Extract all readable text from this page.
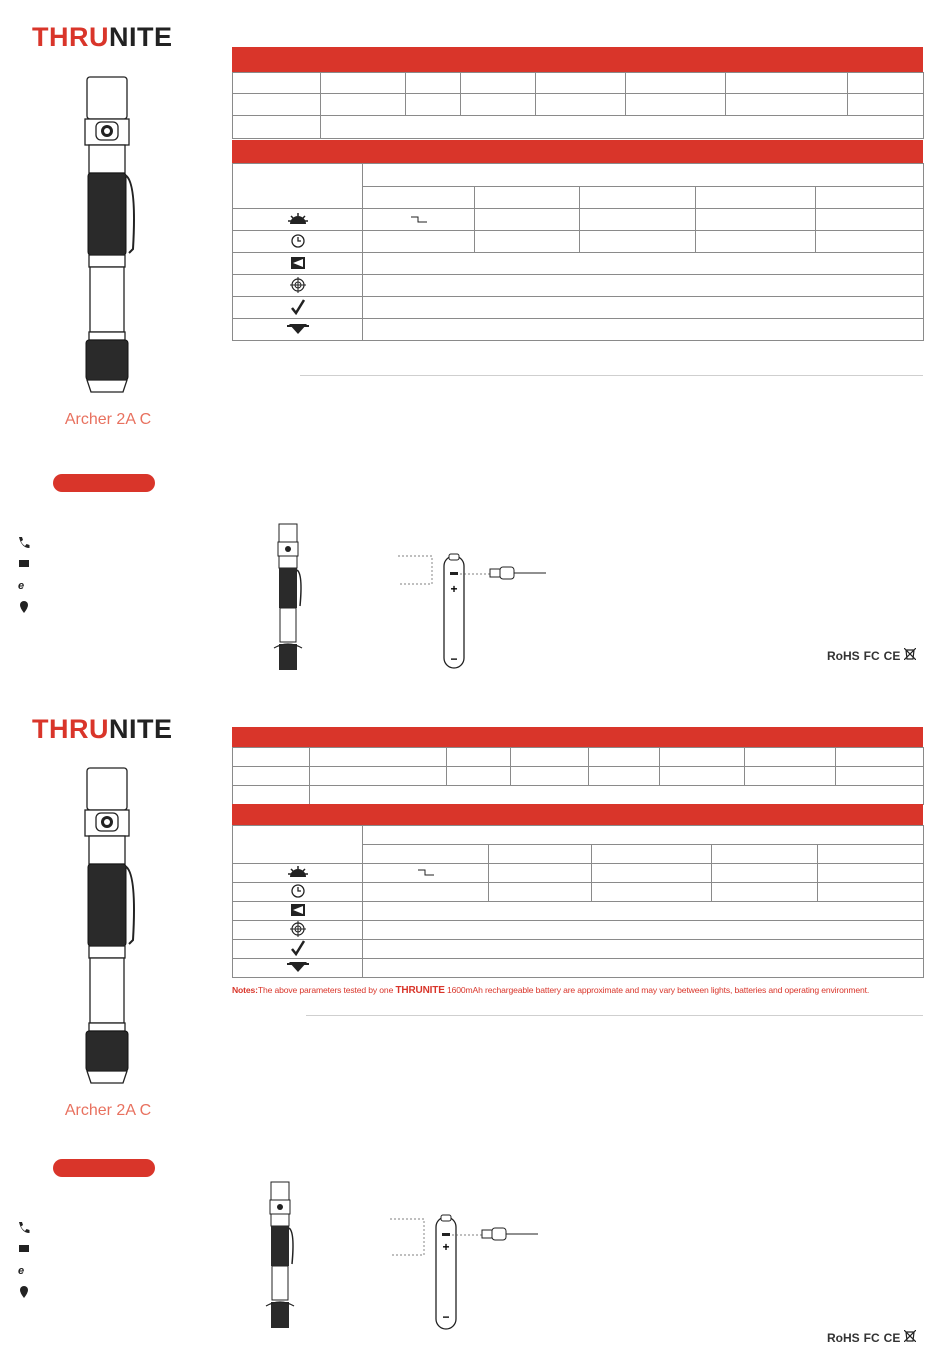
THRUNITE
Archer 2A C
e

		+
−	RoHS FC CE
THRUNITE
Archer 2A C
e

Notes:The above parameters tested by one THRUNITE 1600mAh rechargeable battery are approximate and may vary between lights, batteries and operating environment.
+
−
RoHS FC CE
